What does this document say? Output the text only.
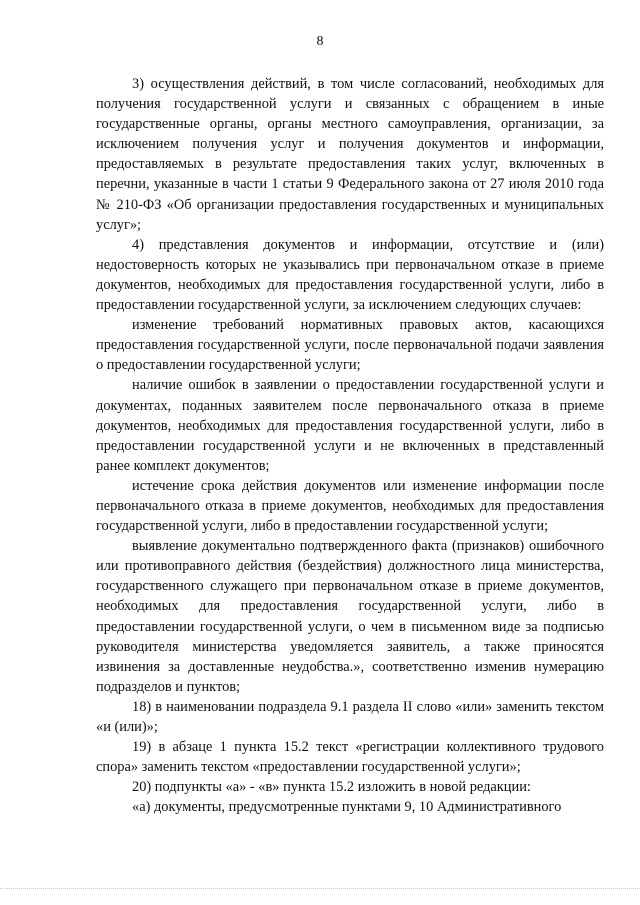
8

3) осуществления действий, в том числе согласований, необходимых для получения государственной услуги и связанных с обращением в иные государственные органы, органы местного самоуправления, организации, за исключением получения услуг и получения документов и информации, предоставляемых в результате предоставления таких услуг, включенных в перечни, указанные в части 1 статьи 9 Федерального закона от 27 июля 2010 года № 210-ФЗ «Об организации предоставления государственных и муниципальных услуг»;

4) представления документов и информации, отсутствие и (или) недостоверность которых не указывались при первоначальном отказе в приеме документов, необходимых для предоставления государственной услуги, либо в предоставлении государственной услуги, за исключением следующих случаев:

изменение требований нормативных правовых актов, касающихся предоставления государственной услуги, после первоначальной подачи заявления о предоставлении государственной услуги;

наличие ошибок в заявлении о предоставлении государственной услуги и документах, поданных заявителем после первоначального отказа в приеме документов, необходимых для предоставления государственной услуги, либо в предоставлении государственной услуги и не включенных в представленный ранее комплект документов;

истечение срока действия документов или изменение информации после первоначального отказа в приеме документов, необходимых для предоставления государственной услуги, либо в предоставлении государственной услуги;

выявление документально подтвержденного факта (признаков) ошибочного или противоправного действия (бездействия) должностного лица министерства, государственного служащего при первоначальном отказе в приеме документов, необходимых для предоставления государственной услуги, либо в предоставлении государственной услуги, о чем в письменном виде за подписью руководителя министерства уведомляется заявитель, а также приносятся извинения за доставленные неудобства.», соответственно изменив нумерацию подразделов и пунктов;

18) в наименовании подраздела 9.1 раздела II слово «или» заменить текстом «и (или)»;

19) в абзаце 1 пункта 15.2 текст «регистрации коллективного трудового спора» заменить текстом «предоставлении государственной услуги»;

20) подпункты «а» - «в» пункта 15.2 изложить в новой редакции:

«а) документы, предусмотренные пунктами 9, 10 Административного
